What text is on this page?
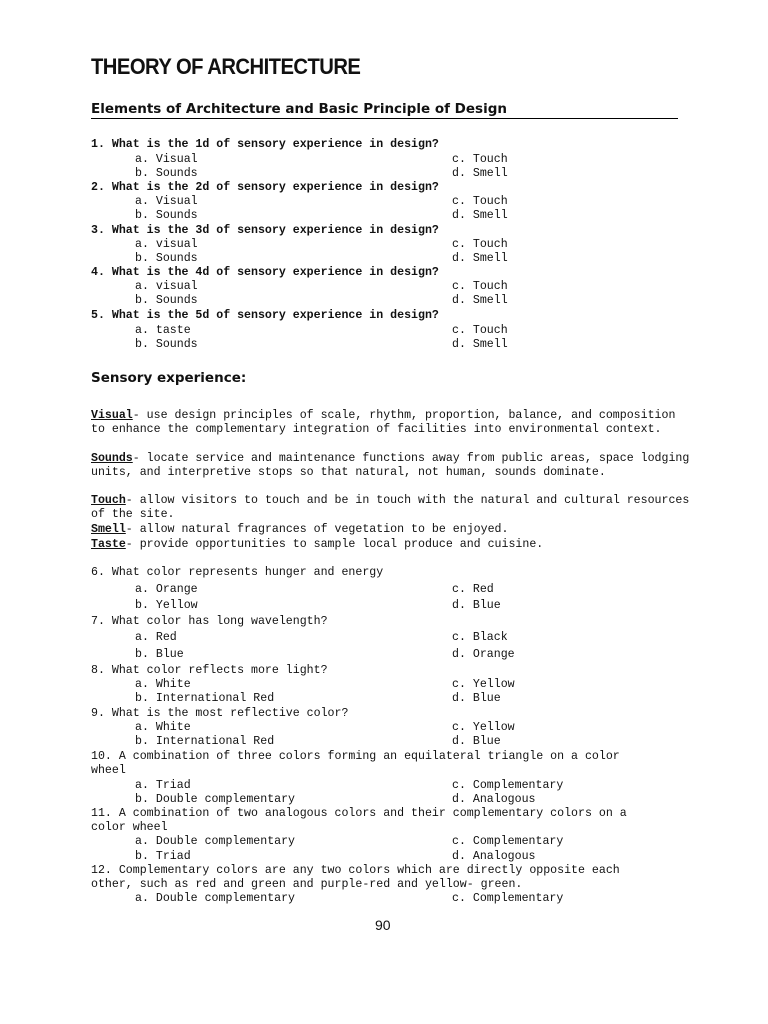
THEORY OF ARCHITECTURE
Elements of Architecture and Basic Principle of Design
1. What is the 1d of sensory experience in design?
a. Visual	c. Touch
b. Sounds	d. Smell
2. What is the 2d of sensory experience in design?
a. Visual	c. Touch
b. Sounds	d. Smell
3. What is the 3d of sensory experience in design?
a. visual	c. Touch
b. Sounds	d. Smell
4. What is the 4d of sensory experience in design?
a. visual	c. Touch
b. Sounds	d. Smell
5. What is the 5d of sensory experience in design?
a. taste	c. Touch
b. Sounds	d. Smell
Sensory experience:
Visual- use design principles of scale, rhythm, proportion, balance, and composition to enhance the complementary integration of facilities into environmental context.
Sounds- locate service and maintenance functions away from public areas, space lodging units, and interpretive stops so that natural, not human, sounds dominate.
Touch- allow visitors to touch and be in touch with the natural and cultural resources of the site.
Smell- allow natural fragrances of vegetation to be enjoyed.
Taste- provide opportunities to sample local produce and cuisine.
6. What color represents hunger and energy
a. Orange	c. Red
b. Yellow	d. Blue
7. What color has long wavelength?
a. Red	c. Black
b. Blue	d. Orange
8. What color reflects more light?
a. White	c. Yellow
b. International Red	d. Blue
9. What is the most reflective color?
a. White	c. Yellow
b. International Red	d. Blue
10. A combination of three colors forming an equilateral triangle on a color
wheel
a. Triad	c. Complementary
b. Double complementary	d. Analogous
11. A combination of two analogous colors and their complementary colors on a
color wheel
a. Double complementary	c. Complementary
b. Triad	d. Analogous
12. Complementary colors are any two colors which are directly opposite each
other, such as red and green and purple-red and yellow- green.
a. Double complementary	c. Complementary
90
